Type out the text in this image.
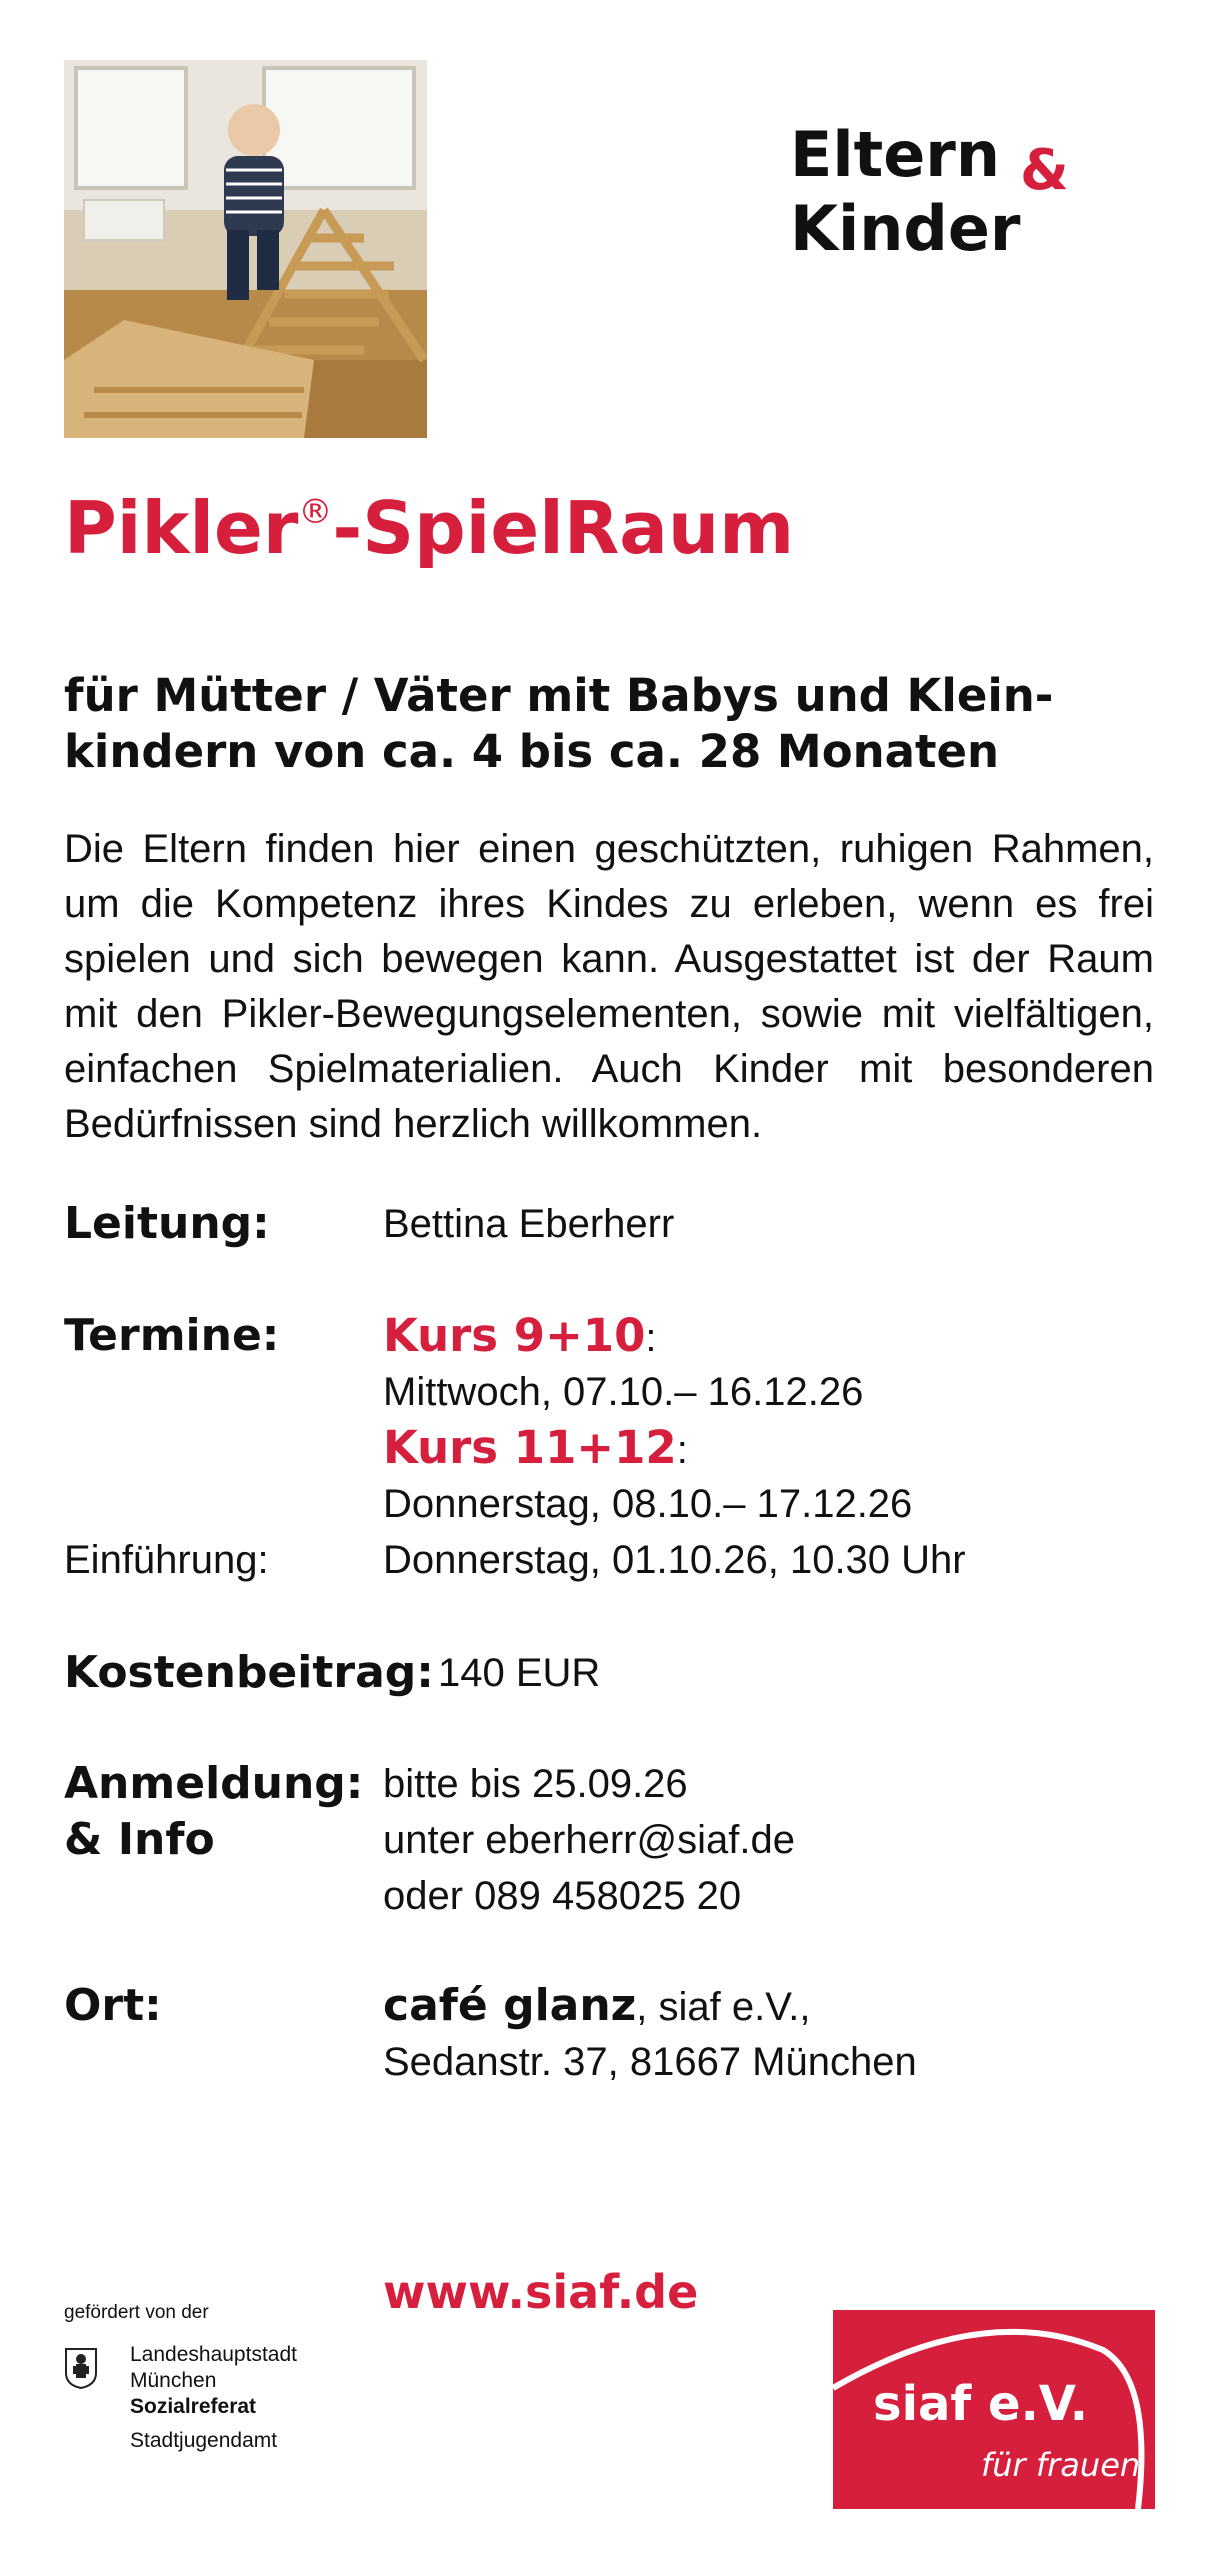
Eltern &
Kinder
Pikler®-SpielRaum
für Mütter / Väter mit Babys und Kleinkindern von ca. 4 bis ca. 28 Monaten
Die Eltern finden hier einen geschützten, ruhigen Rahmen, um die Kompetenz ihres Kindes zu erleben, wenn es frei spielen und sich bewegen kann. Ausgestattet ist der Raum mit den Pikler-Bewegungselementen, sowie mit vielfältigen, einfachen Spielmaterialien. Auch Kinder mit besonderen Bedürfnissen sind herzlich willkommen.
Leitung:	Bettina Eberherr
Termine: Kurs 9+10:
Mittwoch, 07.10.– 16.12.26
Kurs 11+12:
Donnerstag, 08.10.– 17.12.26
Einführung:	Donnerstag, 01.10.26, 10.30 Uhr
Kostenbeitrag: 140 EUR
Anmeldung:
& Info
bitte bis 25.09.26
unter eberherr@siaf.de
oder 089 458025 20
Ort:	café glanz, siaf e.V.,
Sedanstr. 37, 81667 München
gefördert von der
Landeshauptstadt
München
Sozialreferat
Stadtjugendamt
www.siaf.de
siaf e.V.
für frauen
